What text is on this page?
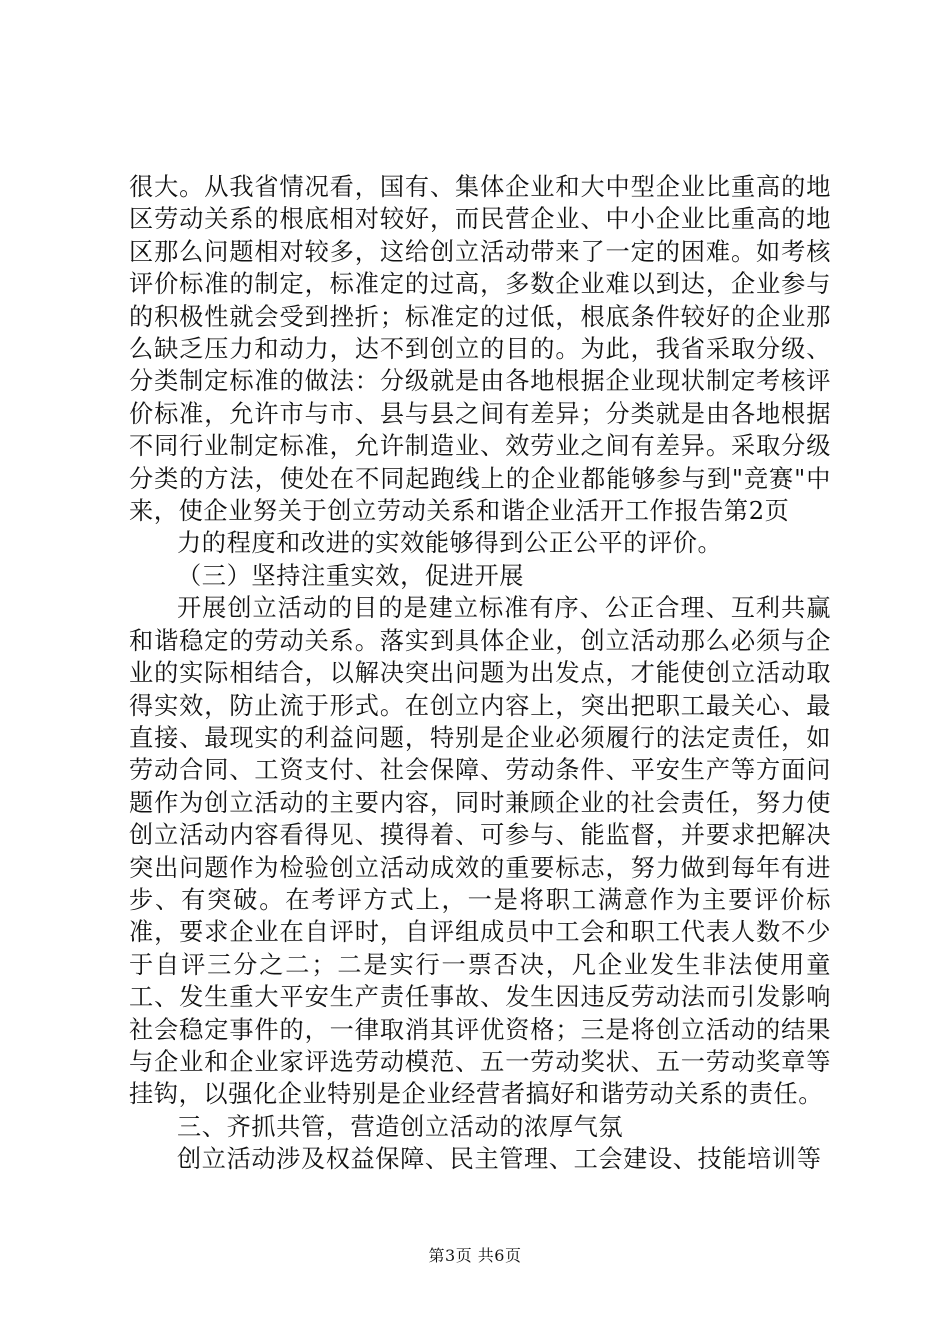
很大。从我省情况看，国有、集体企业和大中型企业比重高的地区劳动关系的根底相对较好，而民营企业、中小企业比重高的地区那么问题相对较多，这给创立活动带来了一定的困难。如考核评价标准的制定，标准定的过高，多数企业难以到达，企业参与的积极性就会受到挫折；标准定的过低，根底条件较好的企业那么缺乏压力和动力，达不到创立的目的。为此，我省采取分级、分类制定标准的做法：分级就是由各地根据企业现状制定考核评价标准，允许市与市、县与县之间有差异；分类就是由各地根据不同行业制定标准，允许制造业、效劳业之间有差异。采取分级分类的方法，使处在不同起跑线上的企业都能够参与到"竞赛"中来，使企业努关于创立劳动关系和谐企业活开工作报告第2页

力的程度和改进的实效能够得到公正公平的评价。

（三）坚持注重实效，促进开展

开展创立活动的目的是建立标准有序、公正合理、互利共赢和谐稳定的劳动关系。落实到具体企业，创立活动那么必须与企业的实际相结合，以解决突出问题为出发点，才能使创立活动取得实效，防止流于形式。在创立内容上，突出把职工最关心、最直接、最现实的利益问题，特别是企业必须履行的法定责任，如劳动合同、工资支付、社会保障、劳动条件、平安生产等方面问题作为创立活动的主要内容，同时兼顾企业的社会责任，努力使创立活动内容看得见、摸得着、可参与、能监督，并要求把解决突出问题作为检验创立活动成效的重要标志，努力做到每年有进步、有突破。在考评方式上，一是将职工满意作为主要评价标准，要求企业在自评时，自评组成员中工会和职工代表人数不少于自评三分之二；二是实行一票否决，凡企业发生非法使用童工、发生重大平安生产责任事故、发生因违反劳动法而引发影响社会稳定事件的，一律取消其评优资格；三是将创立活动的结果与企业和企业家评选劳动模范、五一劳动奖状、五一劳动奖章等挂钩，以强化企业特别是企业经营者搞好和谐劳动关系的责任。

三、齐抓共管，营造创立活动的浓厚气氛

创立活动涉及权益保障、民主管理、工会建设、技能培训等

第3页 共6页
